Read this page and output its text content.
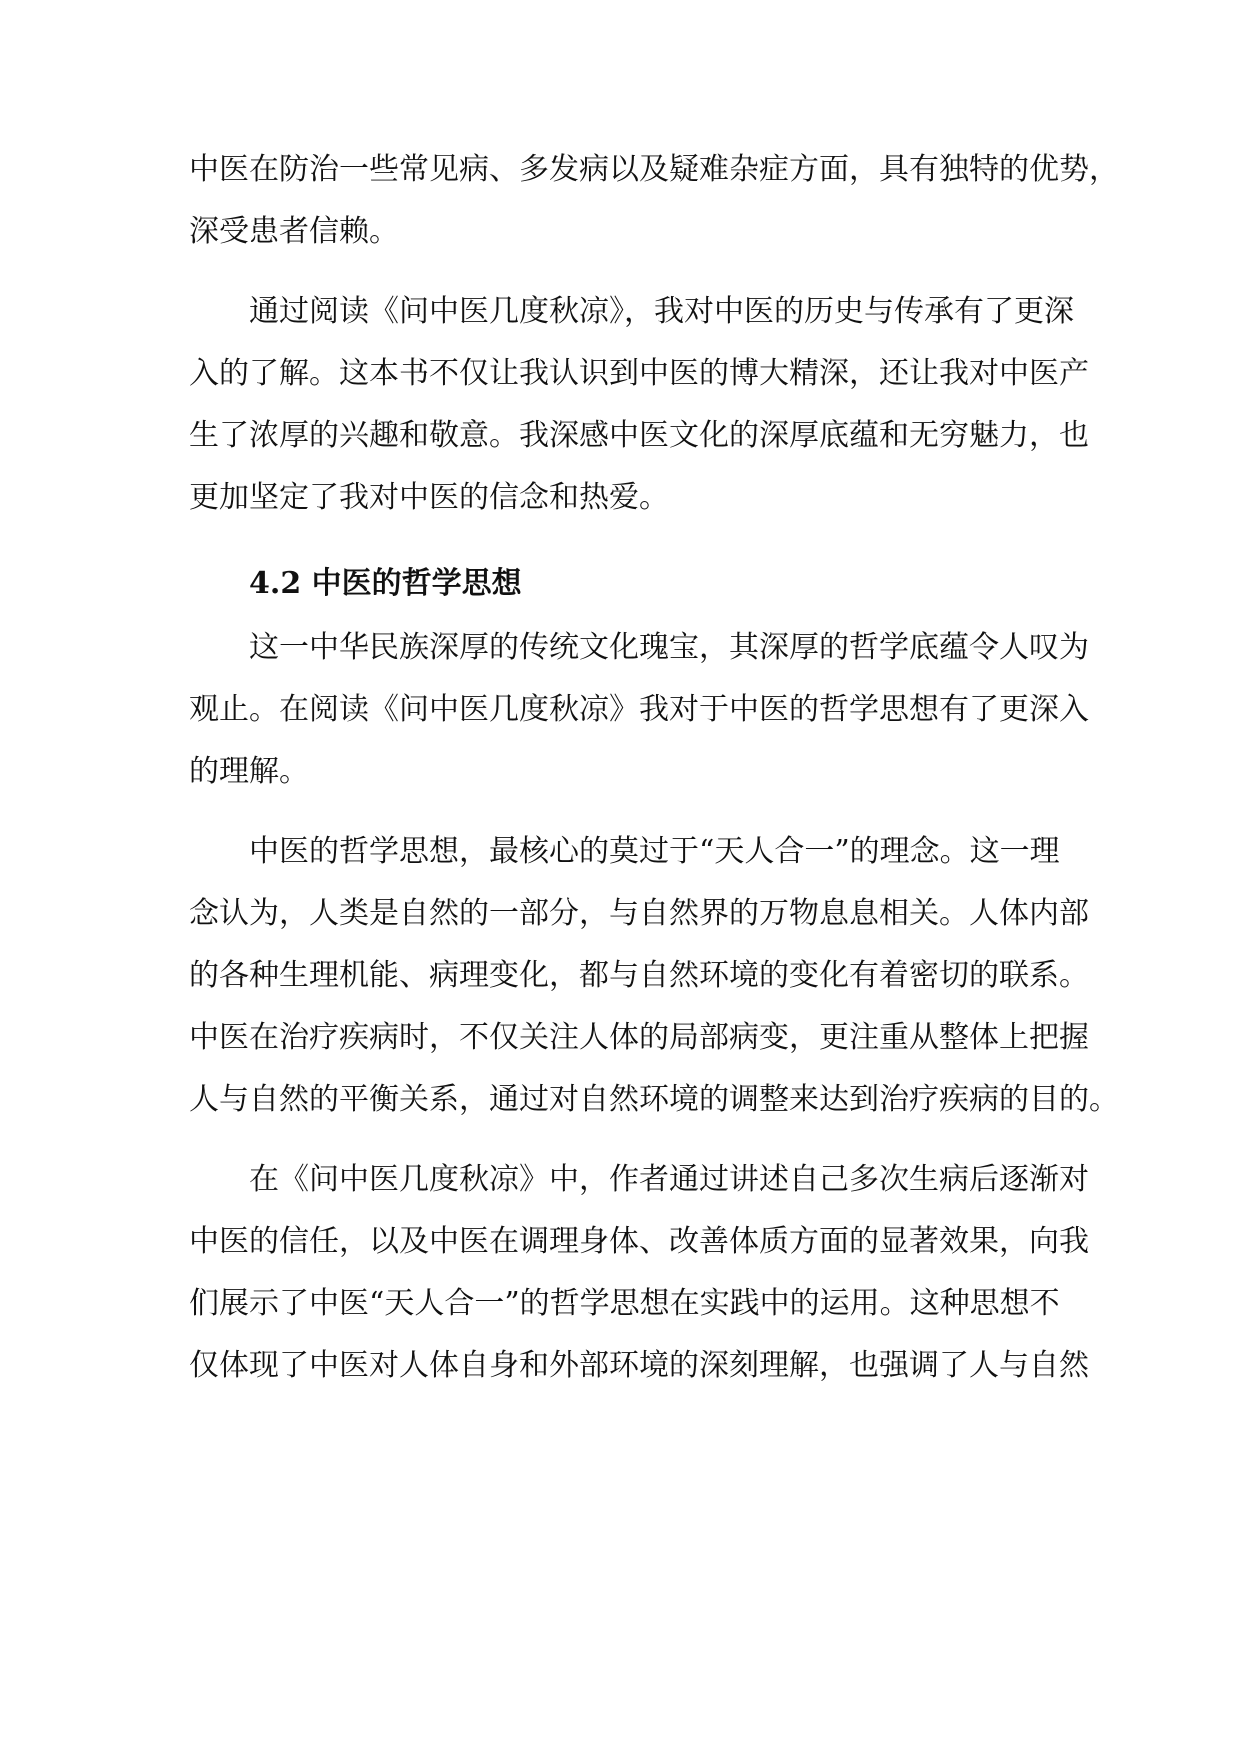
中医在防治一些常见病、多发病以及疑难杂症方面，具有独特的优势，
深受患者信赖。
通过阅读《问中医几度秋凉》，我对中医的历史与传承有了更深
入的了解。这本书不仅让我认识到中医的博大精深，还让我对中医产
生了浓厚的兴趣和敬意。我深感中医文化的深厚底蕴和无穷魅力，也
更加坚定了我对中医的信念和热爱。
4.2 中医的哲学思想
这一中华民族深厚的传统文化瑰宝，其深厚的哲学底蕴令人叹为
观止。在阅读《问中医几度秋凉》我对于中医的哲学思想有了更深入
的理解。
中医的哲学思想，最核心的莫过于“天人合一”的理念。这一理
念认为，人类是自然的一部分，与自然界的万物息息相关。人体内部
的各种生理机能、病理变化，都与自然环境的变化有着密切的联系。
中医在治疗疾病时，不仅关注人体的局部病变，更注重从整体上把握
人与自然的平衡关系，通过对自然环境的调整来达到治疗疾病的目的。
在《问中医几度秋凉》中，作者通过讲述自己多次生病后逐渐对
中医的信任，以及中医在调理身体、改善体质方面的显著效果，向我
们展示了中医“天人合一”的哲学思想在实践中的运用。这种思想不
仅体现了中医对人体自身和外部环境的深刻理解，也强调了人与自然
